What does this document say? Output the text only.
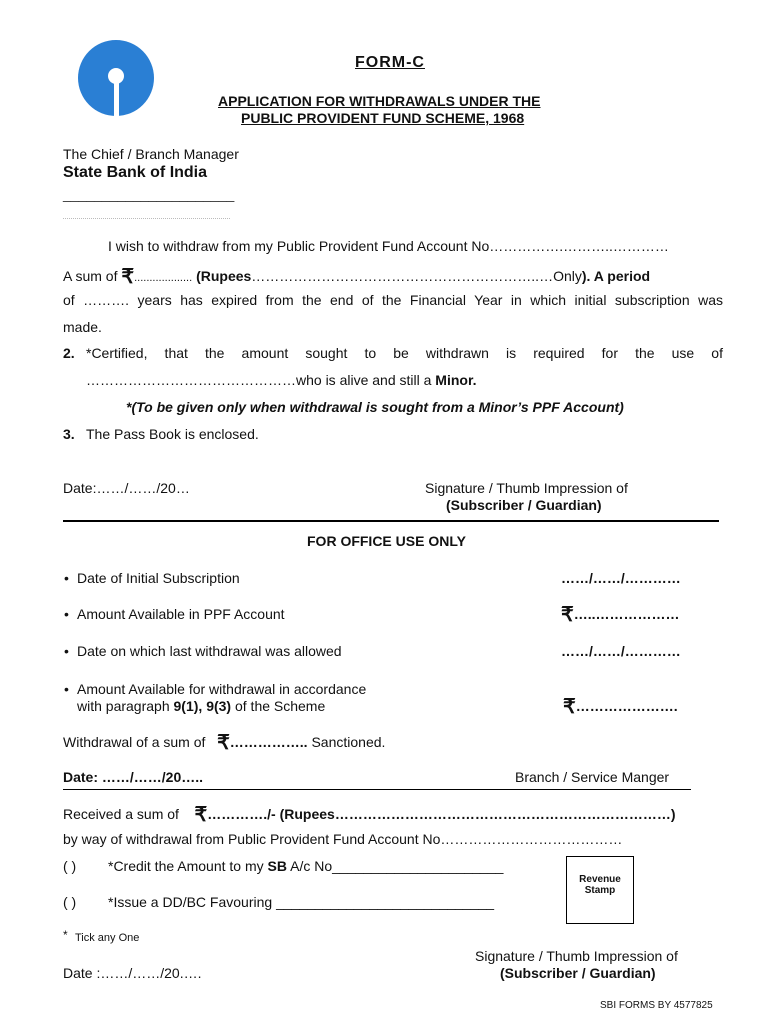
FORM-C
APPLICATION FOR WITHDRAWALS UNDER THE
PUBLIC PROVIDENT FUND SCHEME, 1968
The Chief / Branch Manager
State Bank of India
______________________
I wish to withdraw from my Public Provident Fund Account No…………….………..…………
A sum of ₹................... (Rupees……………………………………………………..…Only). A period
of ………. years has expired from the end of the Financial Year in which initial subscription was
made.
2. *Certified, that the amount sought to be withdrawn is required for the use of
………………………………………who is alive and still a Minor.
*(To be given only when withdrawal is sought from a Minor’s PPF Account)
3. The Pass Book is enclosed.
Date:……/……/20…	Signature / Thumb Impression of
(Subscriber / Guardian)
FOR OFFICE USE ONLY
• Date of Initial Subscription	……/……/…………
• Amount Available in PPF Account	₹…..………………
• Date on which last withdrawal was allowed	……/……/…………
• Amount Available for withdrawal in accordance
with paragraph 9(1), 9(3) of the Scheme	₹………………….
Withdrawal of a sum of ₹…………….. Sanctioned.
Date: ……/……/20…..	Branch / Service Manger
Received a sum of ₹…………./- (Rupees………………………………………………………………)
by way of withdrawal from Public Provident Fund Account No…………………………………
( ) *Credit the Amount to my SB A/c No______________________
( ) *Issue a DD/BC Favouring ____________________________
Revenue
Stamp
* Tick any One
Signature / Thumb Impression of
(Subscriber / Guardian)
Date :……/……/20.….
SBI FORMS BY 4577825
